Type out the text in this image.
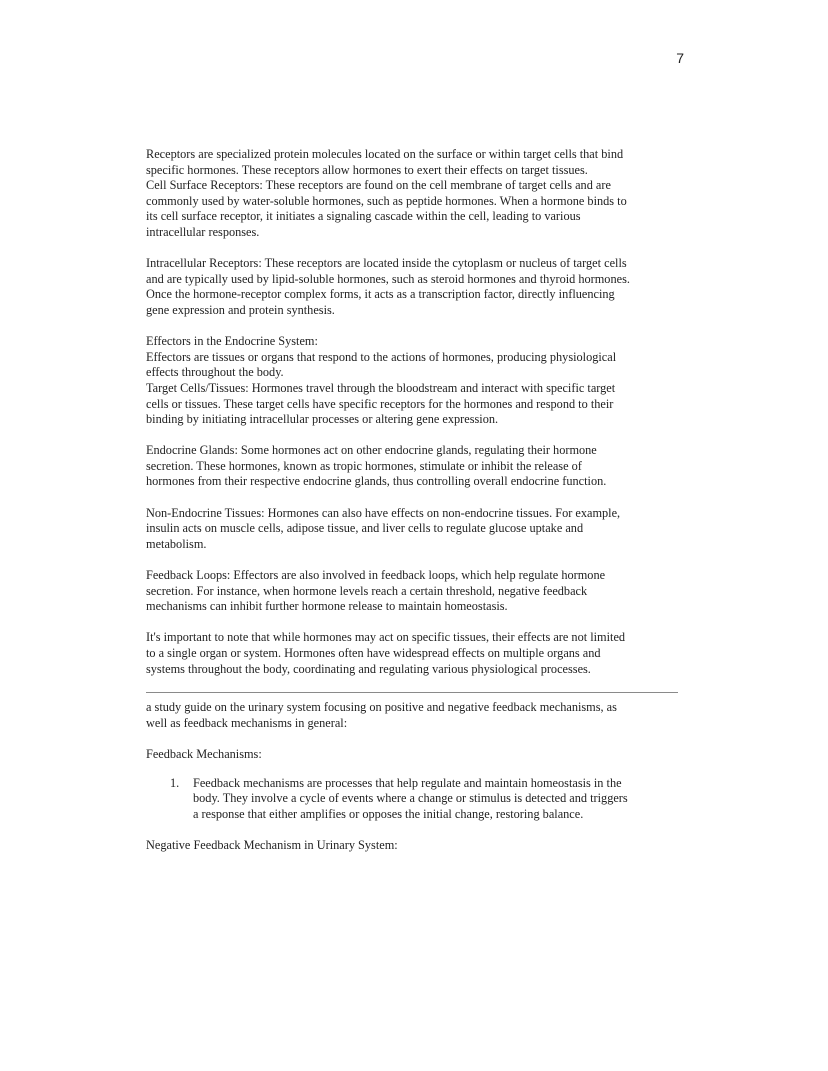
7

Receptors are specialized protein molecules located on the surface or within target cells that bind
specific hormones. These receptors allow hormones to exert their effects on target tissues.
Cell Surface Receptors: These receptors are found on the cell membrane of target cells and are
commonly used by water-soluble hormones, such as peptide hormones. When a hormone binds to
its cell surface receptor, it initiates a signaling cascade within the cell, leading to various
intracellular responses.

Intracellular Receptors: These receptors are located inside the cytoplasm or nucleus of target cells
and are typically used by lipid-soluble hormones, such as steroid hormones and thyroid hormones.
Once the hormone-receptor complex forms, it acts as a transcription factor, directly influencing
gene expression and protein synthesis.

Effectors in the Endocrine System:
Effectors are tissues or organs that respond to the actions of hormones, producing physiological
effects throughout the body.
Target Cells/Tissues: Hormones travel through the bloodstream and interact with specific target
cells or tissues. These target cells have specific receptors for the hormones and respond to their
binding by initiating intracellular processes or altering gene expression.

Endocrine Glands: Some hormones act on other endocrine glands, regulating their hormone
secretion. These hormones, known as tropic hormones, stimulate or inhibit the release of
hormones from their respective endocrine glands, thus controlling overall endocrine function.

Non-Endocrine Tissues: Hormones can also have effects on non-endocrine tissues. For example,
insulin acts on muscle cells, adipose tissue, and liver cells to regulate glucose uptake and
metabolism.

Feedback Loops: Effectors are also involved in feedback loops, which help regulate hormone
secretion. For instance, when hormone levels reach a certain threshold, negative feedback
mechanisms can inhibit further hormone release to maintain homeostasis.

It's important to note that while hormones may act on specific tissues, their effects are not limited
to a single organ or system. Hormones often have widespread effects on multiple organs and
systems throughout the body, coordinating and regulating various physiological processes.

a study guide on the urinary system focusing on positive and negative feedback mechanisms, as
well as feedback mechanisms in general:

Feedback Mechanisms:

1.	Feedback mechanisms are processes that help regulate and maintain homeostasis in the
body. They involve a cycle of events where a change or stimulus is detected and triggers
a response that either amplifies or opposes the initial change, restoring balance.

Negative Feedback Mechanism in Urinary System:
